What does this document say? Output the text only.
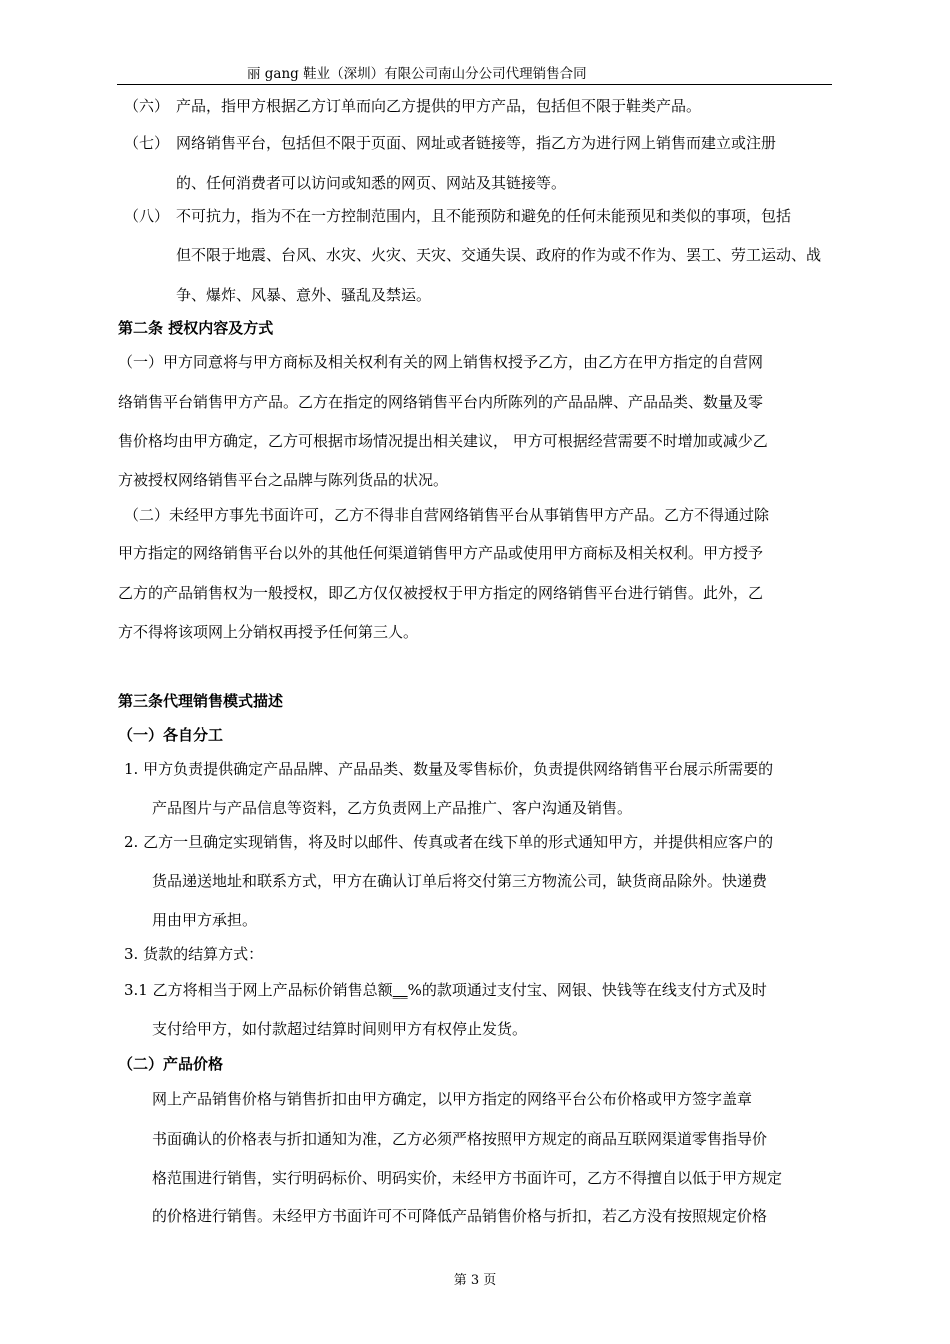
丽 gang 鞋业（深圳）有限公司南山分公司代理销售合同
（六） 产品，指甲方根据乙方订单而向乙方提供的甲方产品，包括但不限于鞋类产品。
（七） 网络销售平台，包括但不限于页面、网址或者链接等，指乙方为进行网上销售而建立或注册
的、任何消费者可以访问或知悉的网页、网站及其链接等。
（八） 不可抗力，指为不在一方控制范围内，且不能预防和避免的任何未能预见和类似的事项，包括
但不限于地震、台风、水灾、火灾、天灾、交通失误、政府的作为或不作为、罢工、劳工运动、战
争、爆炸、风暴、意外、骚乱及禁运。
第二条 授权内容及方式
（一）甲方同意将与甲方商标及相关权利有关的网上销售权授予乙方，由乙方在甲方指定的自营网
络销售平台销售甲方产品。乙方在指定的网络销售平台内所陈列的产品品牌、产品品类、数量及零
售价格均由甲方确定，乙方可根据市场情况提出相关建议， 甲方可根据经营需要不时增加或减少乙
方被授权网络销售平台之品牌与陈列货品的状况。
（二）未经甲方事先书面许可，乙方不得非自营网络销售平台从事销售甲方产品。乙方不得通过除
甲方指定的网络销售平台以外的其他任何渠道销售甲方产品或使用甲方商标及相关权利。甲方授予
乙方的产品销售权为一般授权，即乙方仅仅被授权于甲方指定的网络销售平台进行销售。此外，乙
方不得将该项网上分销权再授予任何第三人。
第三条代理销售模式描述
（一）各自分工
1. 甲方负责提供确定产品品牌、产品品类、数量及零售标价，负责提供网络销售平台展示所需要的
产品图片与产品信息等资料，乙方负责网上产品推广、客户沟通及销售。
2. 乙方一旦确定实现销售，将及时以邮件、传真或者在线下单的形式通知甲方，并提供相应客户的
货品递送地址和联系方式，甲方在确认订单后将交付第三方物流公司，缺货商品除外。快递费
用由甲方承担。
3. 货款的结算方式：
3.1 乙方将相当于网上产品标价销售总额__%的款项通过支付宝、网银、快钱等在线支付方式及时
支付给甲方，如付款超过结算时间则甲方有权停止发货。
（二）产品价格
网上产品销售价格与销售折扣由甲方确定，以甲方指定的网络平台公布价格或甲方签字盖章
书面确认的价格表与折扣通知为准，乙方必须严格按照甲方规定的商品互联网渠道零售指导价
格范围进行销售，实行明码标价、明码实价，未经甲方书面许可，乙方不得擅自以低于甲方规定
的价格进行销售。未经甲方书面许可不可降低产品销售价格与折扣，若乙方没有按照规定价格
第 3 页
